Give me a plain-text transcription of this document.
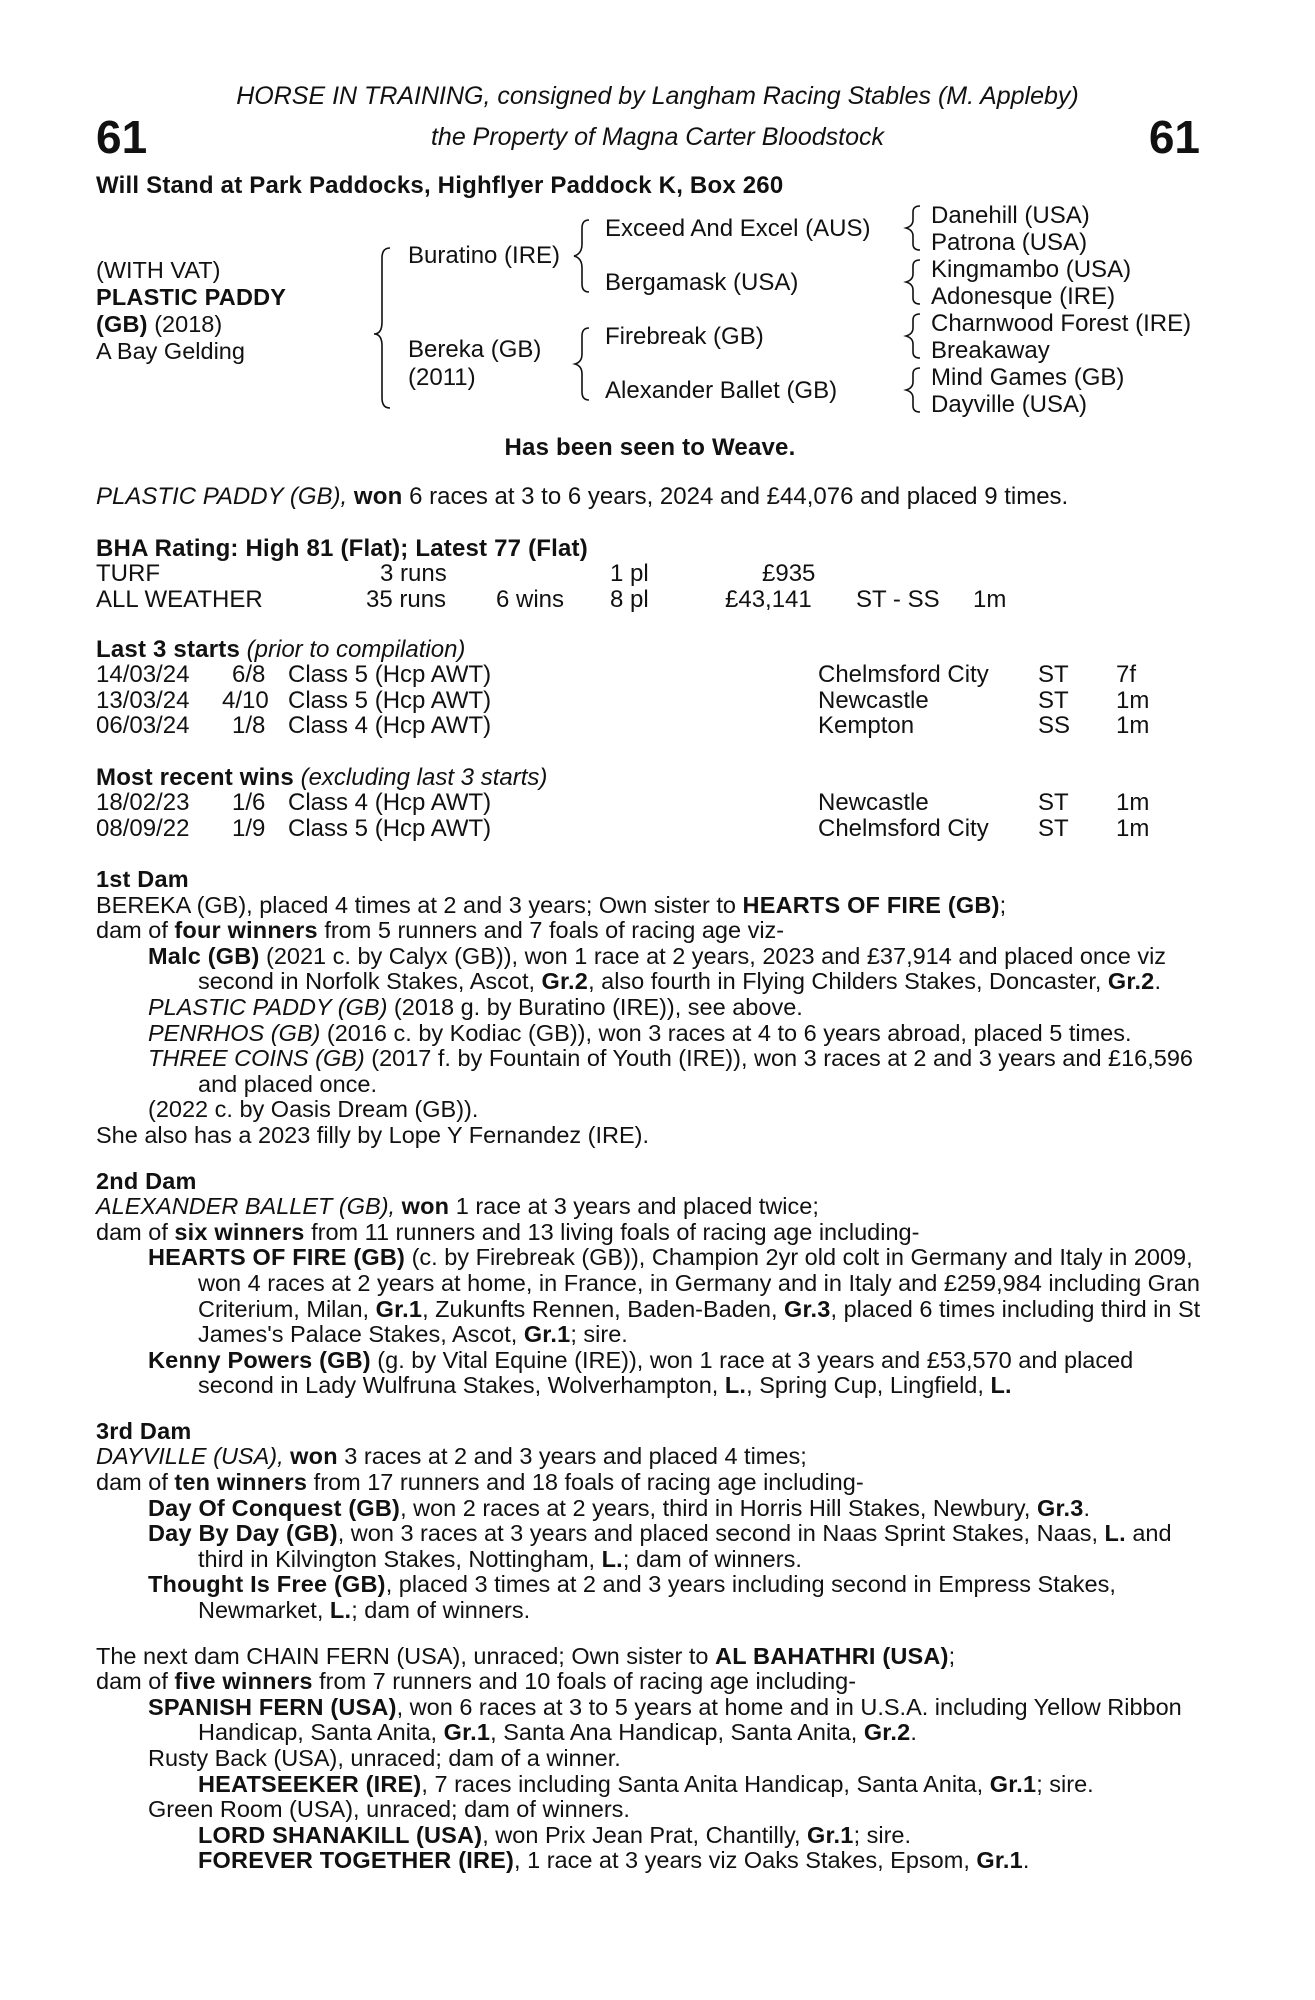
61	61
HORSE IN TRAINING, consigned by Langham Racing Stables (M. Appleby)
the Property of Magna Carter Bloodstock
Will Stand at Park Paddocks, Highflyer Paddock K, Box 260
(WITH VAT)
PLASTIC PADDY
(GB) (2018)
A Bay Gelding
Buratino (IRE)
Bereka (GB)
(2011)
Exceed And Excel (AUS)
Bergamask (USA)
Firebreak (GB)
Alexander Ballet (GB)
Danehill (USA)
Patrona (USA)
Kingmambo (USA)
Adonesque (IRE)
Charnwood Forest (IRE)
Breakaway
Mind Games (GB)
Dayville (USA)
Has been seen to Weave.
PLASTIC PADDY (GB), won 6 races at 3 to 6 years, 2024 and £44,076 and placed 9 times.
BHA Rating: High 81 (Flat); Latest 77 (Flat)
TURF	3 runs	1 pl	£935
ALL WEATHER	35 runs 6 wins 8 pl	£43,141 ST - SS 1m
Last 3 starts (prior to compilation)
14/03/24 6/8 Class 5 (Hcp AWT)	Chelmsford City ST 7f
13/03/24 4/10 Class 5 (Hcp AWT)	Newcastle	ST 1m
06/03/24 1/8 Class 4 (Hcp AWT)	Kempton	SS 1m
Most recent wins (excluding last 3 starts)
18/02/23 1/6 Class 4 (Hcp AWT)	Newcastle	ST 1m
08/09/22 1/9 Class 5 (Hcp AWT)	Chelmsford City ST 1m
1st Dam
BEREKA (GB), placed 4 times at 2 and 3 years; Own sister to HEARTS OF FIRE (GB);
dam of four winners from 5 runners and 7 foals of racing age viz-
Malc (GB) (2021 c. by Calyx (GB)), won 1 race at 2 years, 2023 and £37,914 and placed once viz second in Norfolk Stakes, Ascot, Gr.2, also fourth in Flying Childers Stakes, Doncaster, Gr.2.
PLASTIC PADDY (GB) (2018 g. by Buratino (IRE)), see above.
PENRHOS (GB) (2016 c. by Kodiac (GB)), won 3 races at 4 to 6 years abroad, placed 5 times.
THREE COINS (GB) (2017 f. by Fountain of Youth (IRE)), won 3 races at 2 and 3 years and £16,596 and placed once.
(2022 c. by Oasis Dream (GB)).
She also has a 2023 filly by Lope Y Fernandez (IRE).
2nd Dam
ALEXANDER BALLET (GB), won 1 race at 3 years and placed twice;
dam of six winners from 11 runners and 13 living foals of racing age including-
HEARTS OF FIRE (GB) (c. by Firebreak (GB)), Champion 2yr old colt in Germany and Italy in 2009, won 4 races at 2 years at home, in France, in Germany and in Italy and £259,984 including Gran Criterium, Milan, Gr.1, Zukunfts Rennen, Baden-Baden, Gr.3, placed 6 times including third in St James's Palace Stakes, Ascot, Gr.1; sire.
Kenny Powers (GB) (g. by Vital Equine (IRE)), won 1 race at 3 years and £53,570 and placed second in Lady Wulfruna Stakes, Wolverhampton, L., Spring Cup, Lingfield, L.
3rd Dam
DAYVILLE (USA), won 3 races at 2 and 3 years and placed 4 times;
dam of ten winners from 17 runners and 18 foals of racing age including-
Day Of Conquest (GB), won 2 races at 2 years, third in Horris Hill Stakes, Newbury, Gr.3.
Day By Day (GB), won 3 races at 3 years and placed second in Naas Sprint Stakes, Naas, L. and third in Kilvington Stakes, Nottingham, L.; dam of winners.
Thought Is Free (GB), placed 3 times at 2 and 3 years including second in Empress Stakes, Newmarket, L.; dam of winners.
The next dam CHAIN FERN (USA), unraced; Own sister to AL BAHATHRI (USA);
dam of five winners from 7 runners and 10 foals of racing age including-
SPANISH FERN (USA), won 6 races at 3 to 5 years at home and in U.S.A. including Yellow Ribbon Handicap, Santa Anita, Gr.1, Santa Ana Handicap, Santa Anita, Gr.2.
Rusty Back (USA), unraced; dam of a winner.
HEATSEEKER (IRE), 7 races including Santa Anita Handicap, Santa Anita, Gr.1; sire.
Green Room (USA), unraced; dam of winners.
LORD SHANAKILL (USA), won Prix Jean Prat, Chantilly, Gr.1; sire.
FOREVER TOGETHER (IRE), 1 race at 3 years viz Oaks Stakes, Epsom, Gr.1.
